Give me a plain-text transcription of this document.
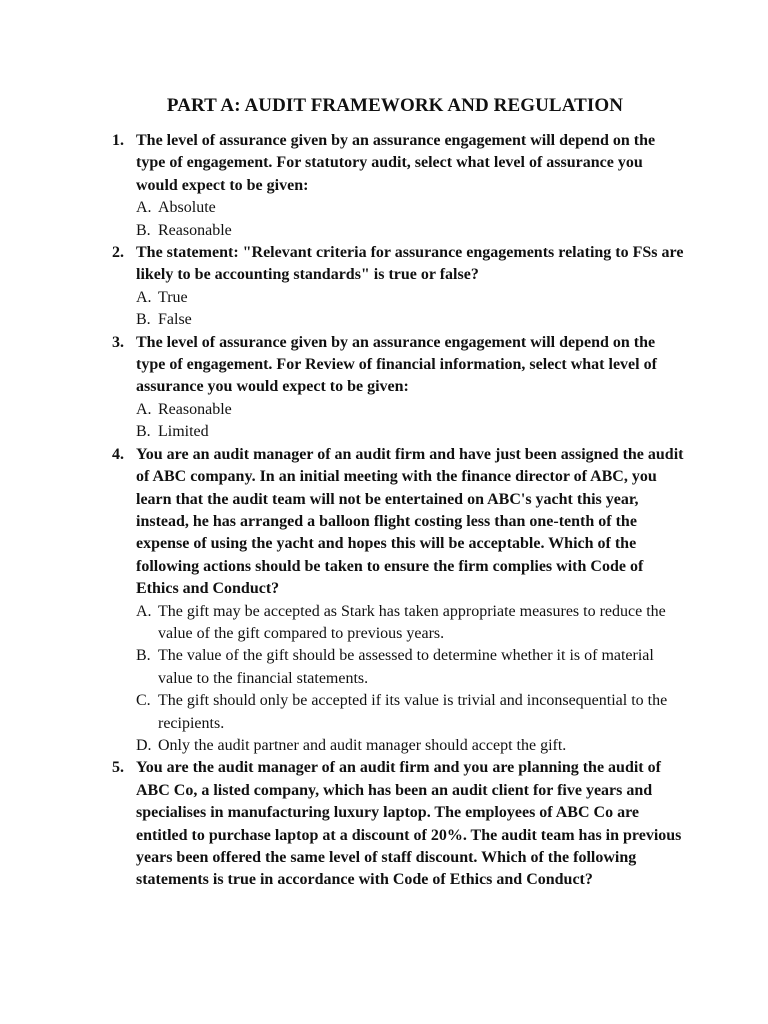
PART A: AUDIT FRAMEWORK AND REGULATION
1. The level of assurance given by an assurance engagement will depend on the type of engagement. For statutory audit, select what level of assurance you would expect to be given:
A. Absolute
B. Reasonable
2. The statement: "Relevant criteria for assurance engagements relating to FSs are likely to be accounting standards" is true or false?
A. True
B. False
3. The level of assurance given by an assurance engagement will depend on the type of engagement. For Review of financial information, select what level of assurance you would expect to be given:
A. Reasonable
B. Limited
4. You are an audit manager of an audit firm and have just been assigned the audit of ABC company. In an initial meeting with the finance director of ABC, you learn that the audit team will not be entertained on ABC's yacht this year, instead, he has arranged a balloon flight costing less than one-tenth of the expense of using the yacht and hopes this will be acceptable. Which of the following actions should be taken to ensure the firm complies with Code of Ethics and Conduct?
A. The gift may be accepted as Stark has taken appropriate measures to reduce the value of the gift compared to previous years.
B. The value of the gift should be assessed to determine whether it is of material value to the financial statements.
C. The gift should only be accepted if its value is trivial and inconsequential to the recipients.
D. Only the audit partner and audit manager should accept the gift.
5. You are the audit manager of an audit firm and you are planning the audit of ABC Co, a listed company, which has been an audit client for five years and specialises in manufacturing luxury laptop. The employees of ABC Co are entitled to purchase laptop at a discount of 20%. The audit team has in previous years been offered the same level of staff discount. Which of the following statements is true in accordance with Code of Ethics and Conduct?
